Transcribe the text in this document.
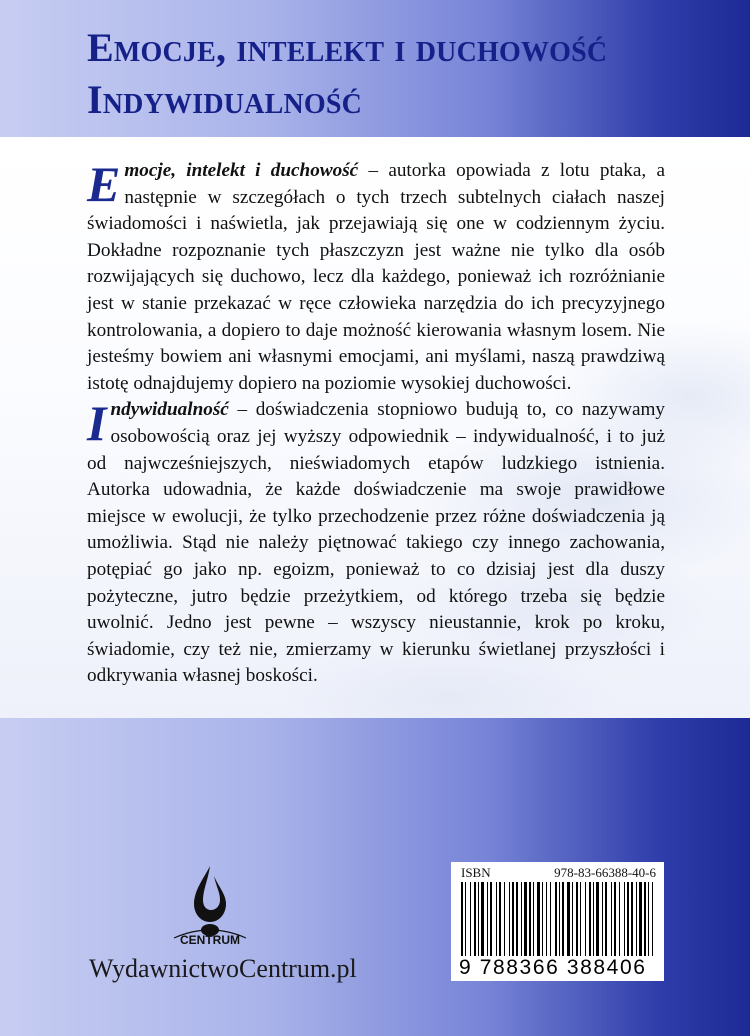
Emocje, intelekt i duchowość
Indywidualność

Emocje, intelekt i duchowość – autorka opowiada z lotu ptaka, a następnie w szczegółach o tych trzech subtelnych ciałach naszej świadomości i naświetla, jak przejawiają się one w codziennym życiu. Dokładne rozpoznanie tych płaszczyzn jest ważne nie tylko dla osób rozwijających się duchowo, lecz dla każdego, ponieważ ich rozróżnianie jest w stanie przekazać w ręce człowieka narzędzia do ich precyzyjnego kontrolowania, a dopiero to daje możność kierowania własnym losem. Nie jesteśmy bowiem ani własnymi emocjami, ani myślami, naszą prawdziwą istotę odnajdujemy dopiero na poziomie wysokiej duchowości.

Indywidualność – doświadczenia stopniowo budują to, co nazywamy osobowością oraz jej wyższy odpowiednik – indywidualność, i to już od najwcześniejszych, nieświadomych etapów ludzkiego istnienia. Autorka udowadnia, że każde doświadczenie ma swoje prawidłowe miejsce w ewolucji, że tylko przechodzenie przez różne doświadczenia ją umożliwia. Stąd nie należy piętnować takiego czy innego zachowania, potępiać go jako np. egoizm, ponieważ to co dzisiaj jest dla duszy pożyteczne, jutro będzie przeżytkiem, od którego trzeba się będzie uwolnić. Jedno jest pewne – wszyscy nieustannie, krok po kroku, świadomie, czy też nie, zmierzamy w kierunku świetlanej przyszłości i odkrywania własnej boskości.

CENTRUM

WydawnictwoCentrum.pl

ISBN	978-83-66388-40-6
9 788366 388406
